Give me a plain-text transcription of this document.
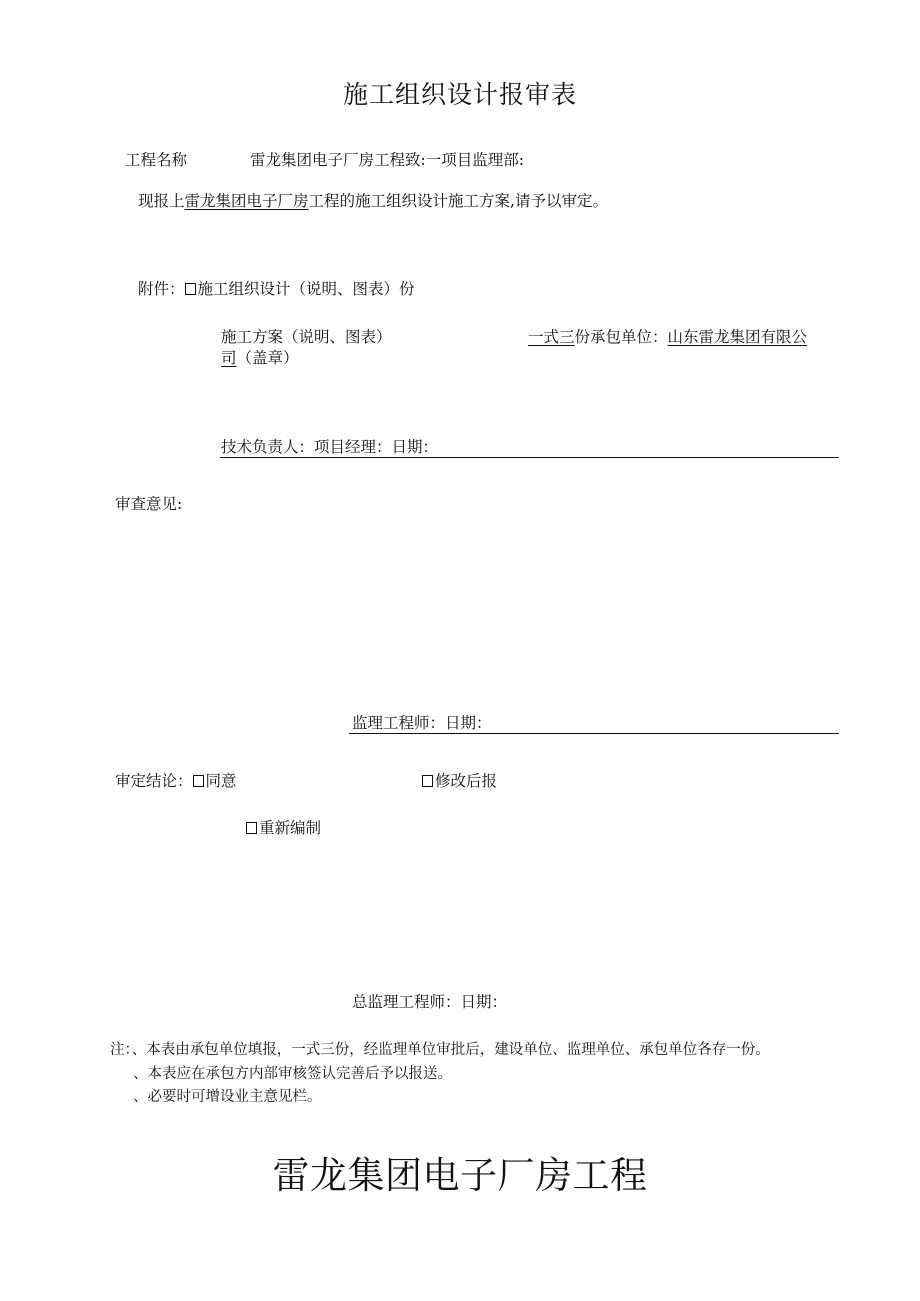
施工组织设计报审表
工程名称	雷龙集团电子厂房工程致:一项目监理部:
现报上雷龙集团电子厂房工程的施工组织设计施工方案,请予以审定。
附件： 施工组织设计（说明、图表）份
施工方案（说明、图表）	一式三份承包单位：山东雷龙集团有限公
司（盖章）
技术负责人：项目经理：日期：
审查意见:
监理工程师：日期：
审定结论： 同意	修改后报
重新编制
总监理工程师：日期：
注：、本表由承包单位填报，一式三份，经监理单位审批后，建设单位、监理单位、承包单位各存一份。
、本表应在承包方内部审核签认完善后予以报送。
、必要时可增设业主意见栏。
雷龙集团电子厂房工程
